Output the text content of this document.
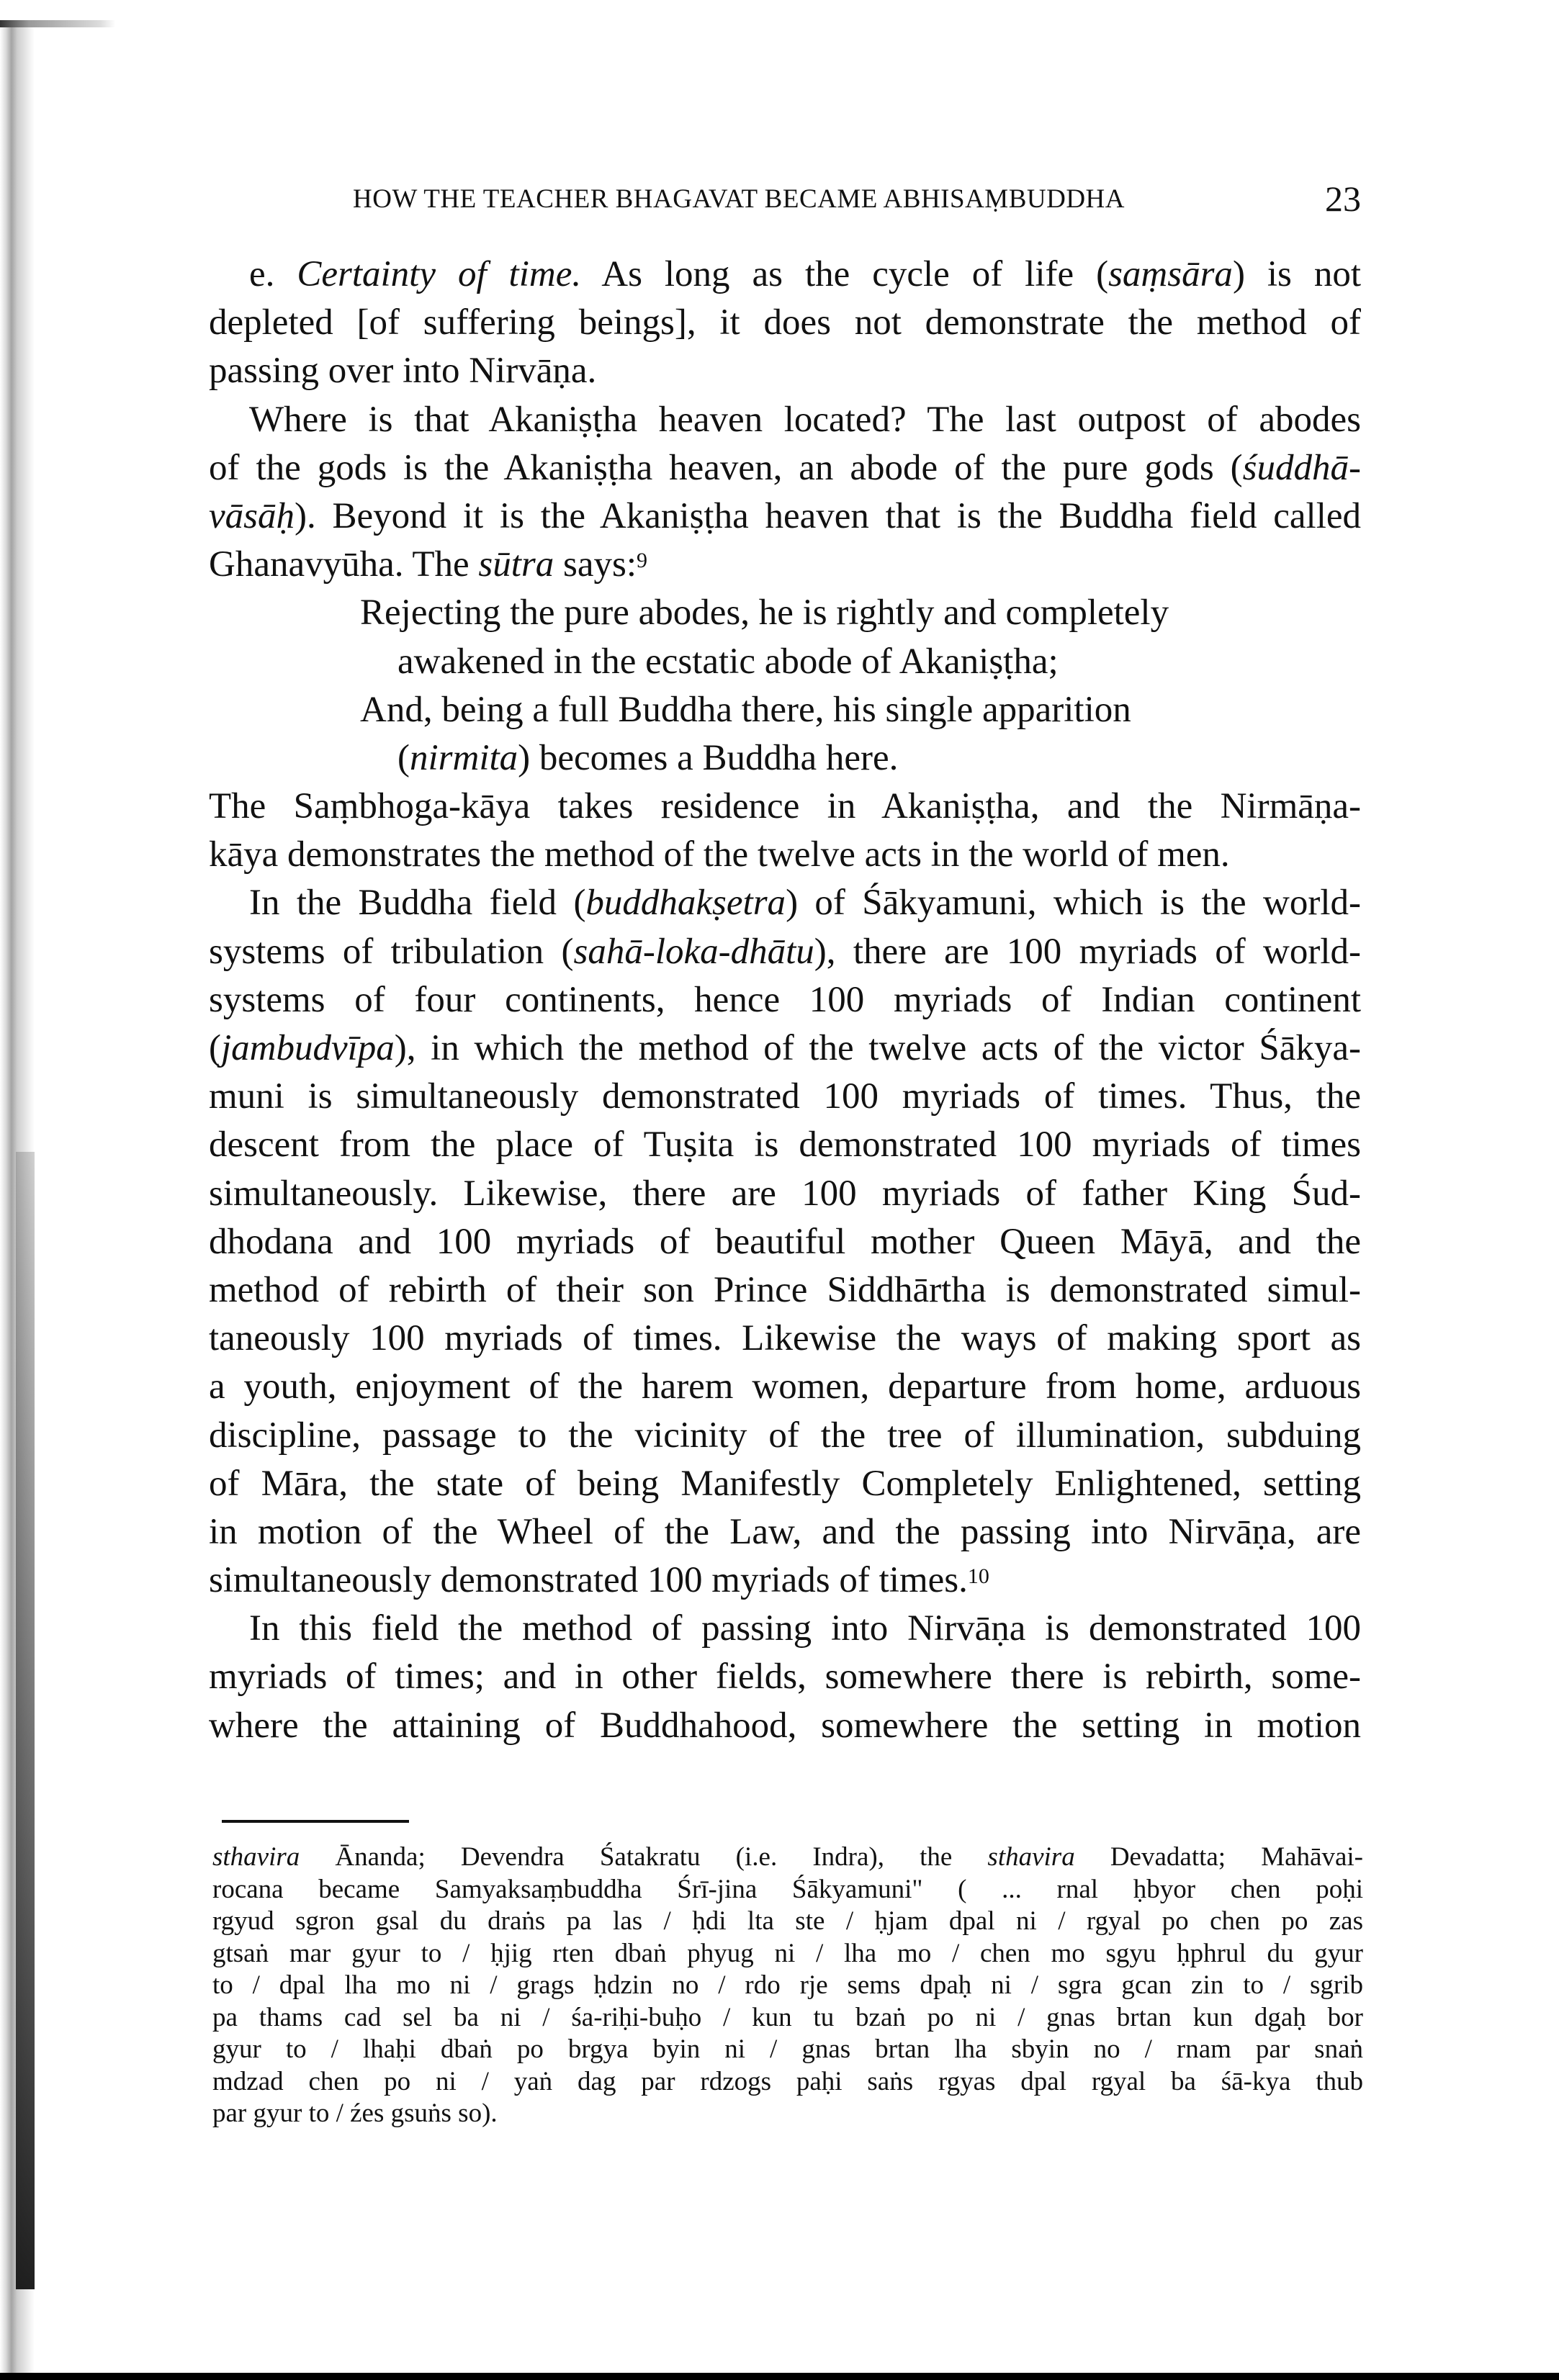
HOW THE TEACHER BHAGAVAT BECAME ABHISAṂBUDDHA	23
e. Certainty of time. As long as the cycle of life (saṃsāra) is not
depleted [of suffering beings], it does not demonstrate the method of
passing over into Nirvāṇa.
Where is that Akaniṣṭha heaven located? The last outpost of abodes
of the gods is the Akaniṣṭha heaven, an abode of the pure gods (śuddhā-
vāsāḥ). Beyond it is the Akaniṣṭha heaven that is the Buddha field called
Ghanavyūha. The sūtra says:$^9$
Rejecting the pure abodes, he is rightly and completely
awakened in the ecstatic abode of Akaniṣṭha;
And, being a full Buddha there, his single apparition
(nirmita) becomes a Buddha here.
The Saṃbhoga-kāya takes residence in Akaniṣṭha, and the Nirmāṇa-
kāya demonstrates the method of the twelve acts in the world of men.
In the Buddha field (buddhakṣetra) of Śākyamuni, which is the world-
systems of tribulation (sahā-loka-dhātu), there are 100 myriads of world-
systems of four continents, hence 100 myriads of Indian continent
(jambudvīpa), in which the method of the twelve acts of the victor Śākya-
muni is simultaneously demonstrated 100 myriads of times. Thus, the
descent from the place of Tuṣita is demonstrated 100 myriads of times
simultaneously. Likewise, there are 100 myriads of father King Śud-
dhodana and 100 myriads of beautiful mother Queen Māyā, and the
method of rebirth of their son Prince Siddhārtha is demonstrated simul-
taneously 100 myriads of times. Likewise the ways of making sport as
a youth, enjoyment of the harem women, departure from home, arduous
discipline, passage to the vicinity of the tree of illumination, subduing
of Māra, the state of being Manifestly Completely Enlightened, setting
in motion of the Wheel of the Law, and the passing into Nirvāṇa, are
simultaneously demonstrated 100 myriads of times.$^{10}$
In this field the method of passing into Nirvāṇa is demonstrated 100
myriads of times; and in other fields, somewhere there is rebirth, some-
where the attaining of Buddhahood, somewhere the setting in motion
sthavira Ānanda; Devendra Śatakratu (i.e. Indra), the sthavira Devadatta; Mahāvai-
rocana became Samyaksaṃbuddha Śrī-jina Śākyamuni" ( ... rnal ḥbyor chen poḥi
rgyud sgron gsal du draṅs pa las / ḥdi lta ste / ḥjam dpal ni / rgyal po chen po zas
gtsaṅ mar gyur to / ḥjig rten dbaṅ phyug ni / lha mo / chen mo sgyu ḥphrul du gyur
to / dpal lha mo ni / grags ḥdzin no / rdo rje sems dpaḥ ni / sgra gcan zin to / sgrib
pa thams cad sel ba ni / śa-riḥi-buḥo / kun tu bzaṅ po ni / gnas brtan kun dgaḥ bor
gyur to / lhaḥi dbaṅ po brgya byin ni / gnas brtan lha sbyin no / rnam par snaṅ
mdzad chen po ni / yaṅ dag par rdzogs paḥi saṅs rgyas dpal rgyal ba śā-kya thub
par gyur to / źes gsuṅs so).
